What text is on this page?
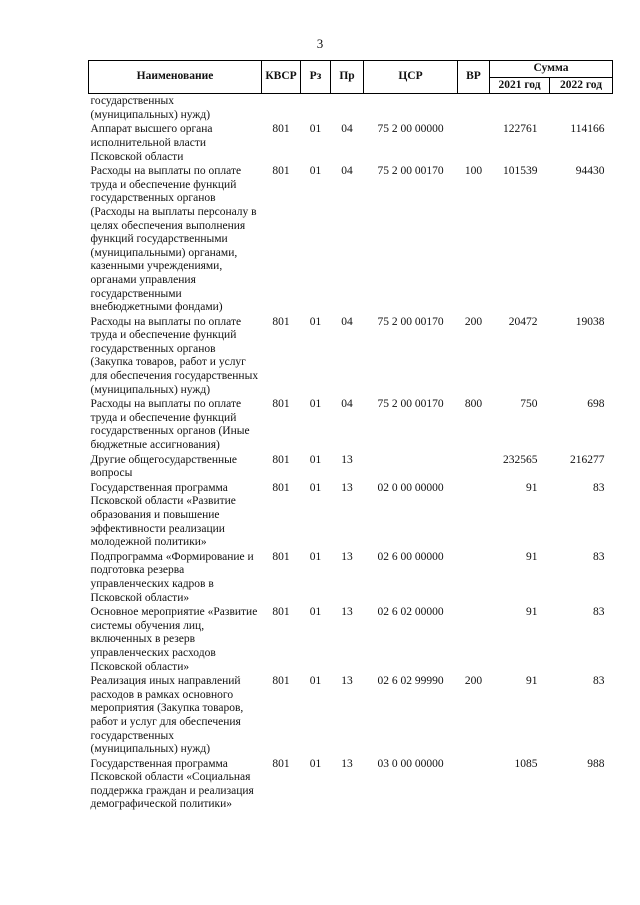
3
Наименование	КВСР	Рз	Пр	ЦСР	ВР	Сумма	
						2021 год	2022 год
государственных (муниципальных) нужд)							
Аппарат высшего органа исполнительной власти Псковской области	801	01	04	75 2 00 00000		122761	114166
Расходы на выплаты по оплате труда и обеспечение функций государственных органов (Расходы на выплаты персоналу в целях обеспечения выполнения функций государственными (муниципальными) органами, казенными учреждениями, органами управления государственными внебюджетными фондами)	801	01	04	75 2 00 00170	100	101539	94430
Расходы на выплаты по оплате труда и обеспечение функций государственных органов (Закупка товаров, работ и услуг для обеспечения государственных (муниципальных) нужд)	801	01	04	75 2 00 00170	200	20472	19038
Расходы на выплаты по оплате труда и обеспечение функций государственных органов (Иные бюджетные ассигнования)	801	01	04	75 2 00 00170	800	750	698
Другие общегосударственные вопросы	801	01	13			232565	216277
Государственная программа Псковской области «Развитие образования и повышение эффективности реализации молодежной политики»	801	01	13	02 0 00 00000		91	83
Подпрограмма «Формирование и подготовка резерва управленческих кадров в Псковской области»	801	01	13	02 6 00 00000		91	83
Основное мероприятие «Развитие системы обучения лиц, включенных в резерв управленческих расходов Псковской области»	801	01	13	02 6 02 00000		91	83
Реализация иных направлений расходов в рамках основного мероприятия (Закупка товаров, работ и услуг для обеспечения государственных (муниципальных) нужд)	801	01	13	02 6 02 99990	200	91	83
Государственная программа Псковской области «Социальная поддержка граждан и реализация демографической политики»	801	01	13	03 0 00 00000		1085	988
